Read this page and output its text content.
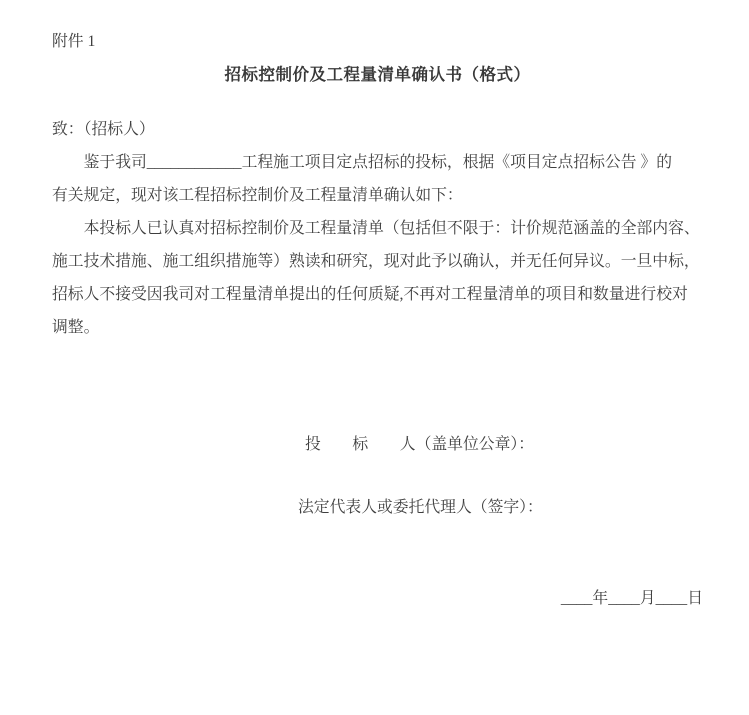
附件 1
招标控制价及工程量清单确认书（格式）
致：（招标人）
鉴于我司____________工程施工项目定点招标的投标，根据《项目定点招标公告 》的
有关规定，现对该工程招标控制价及工程量清单确认如下：
本投标人已认真对招标控制价及工程量清单（包括但不限于：计价规范涵盖的全部内容、
施工技术措施、施工组织措施等）熟读和研究，现对此予以确认，并无任何异议。一旦中标，
招标人不接受因我司对工程量清单提出的任何质疑,不再对工程量清单的项目和数量进行校对
调整。
投　　标　　人（盖单位公章）：
法定代表人或委托代理人（签字）：
____年____月____日
